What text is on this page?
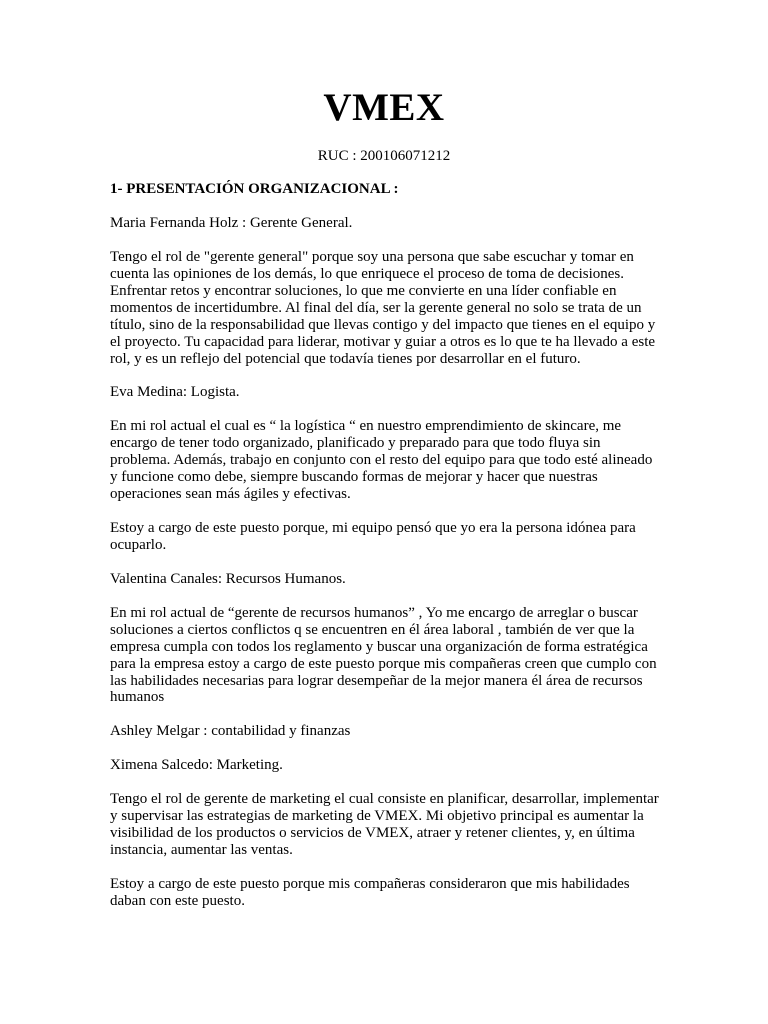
VMEX

RUC : 200106071212

1- PRESENTACIÓN ORGANIZACIONAL :

Maria Fernanda Holz : Gerente General.

Tengo el rol de "gerente general" porque soy una persona que sabe escuchar y tomar en cuenta las opiniones de los demás, lo que enriquece el proceso de toma de decisiones. Enfrentar retos y encontrar soluciones, lo que me convierte en una líder confiable en momentos de incertidumbre. Al final del día, ser la gerente general no solo se trata de un título, sino de la responsabilidad que llevas contigo y del impacto que tienes en el equipo y el proyecto. Tu capacidad para liderar, motivar y guiar a otros es lo que te ha llevado a este rol, y es un reflejo del potencial que todavía tienes por desarrollar en el futuro.

Eva Medina: Logista.

En mi rol actual el cual es “ la logística “ en nuestro emprendimiento de skincare, me encargo de tener todo organizado, planificado y preparado para que todo fluya sin problema. Además, trabajo en conjunto con el resto del equipo para que todo esté alineado y funcione como debe, siempre buscando formas de mejorar y hacer que nuestras operaciones sean más ágiles y efectivas.

Estoy a cargo de este puesto porque, mi equipo pensó que yo era la persona idónea para ocuparlo.

Valentina Canales: Recursos Humanos.

En mi rol actual de “gerente de recursos humanos” , Yo me encargo de arreglar o buscar soluciones a ciertos conflictos q se encuentren en él área laboral , también de ver que la empresa cumpla con todos los reglamento y buscar una organización de forma estratégica para la empresa estoy a cargo de este puesto porque mis compañeras creen que cumplo con las habilidades necesarias para lograr desempeñar de la mejor manera él área de recursos humanos

Ashley Melgar : contabilidad y finanzas

Ximena Salcedo: Marketing.

Tengo el rol de gerente de marketing el cual consiste en planificar, desarrollar, implementar y supervisar las estrategias de marketing de VMEX. Mi objetivo principal es aumentar la visibilidad de los productos o servicios de VMEX, atraer y retener clientes, y, en última instancia, aumentar las ventas.

Estoy a cargo de este puesto porque mis compañeras consideraron que mis habilidades daban con este puesto.
